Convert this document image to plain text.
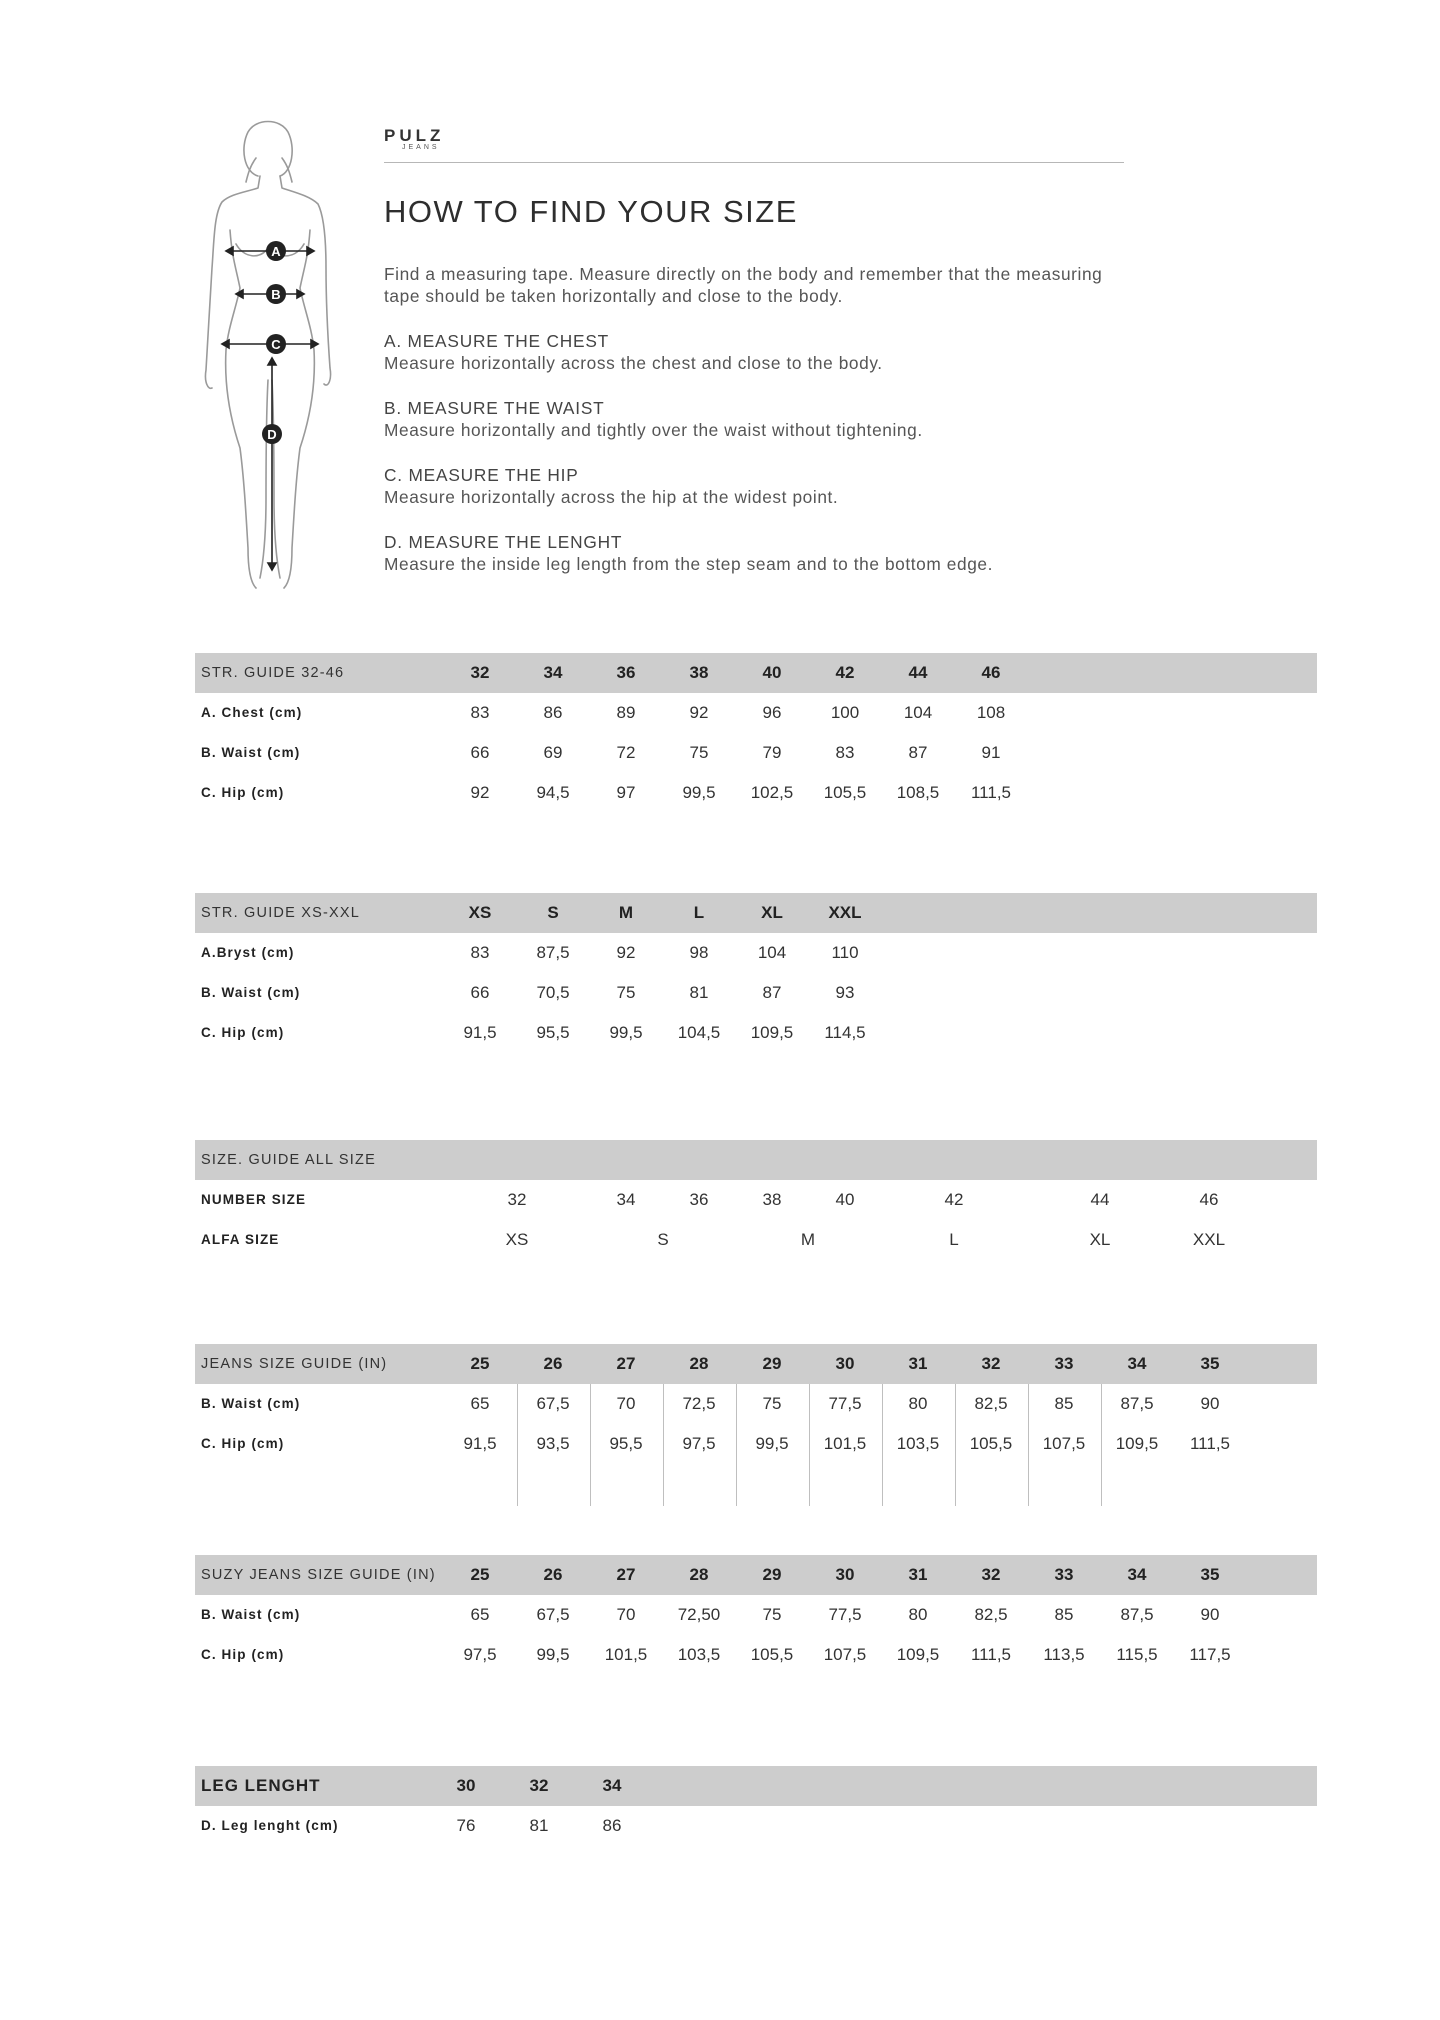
A
B
C
D
PULZ
JEANS
HOW TO FIND YOUR SIZE

Find a measuring tape. Measure directly on the body and remember that the measuring tape should be taken horizontally and close to the body.

A. MEASURE THE CHEST
Measure horizontally across the chest and close to the body.
B. MEASURE THE WAIST
Measure horizontally and tightly over the waist without tightening.
C. MEASURE THE HIP
Measure horizontally across the hip at the widest point.
D. MEASURE THE LENGHT
Measure the inside leg length from the step seam and to the bottom edge.
STR. GUIDE 32-46	32	34	36	38	40	42	44	46
A. Chest (cm)	83	86	89	92	96	100	104	108
B. Waist (cm)	66	69	72	75	79	83	87	91
C. Hip (cm)	92	94,5	97	99,5	102,5	105,5	108,5	111,5
STR. GUIDE XS-XXL	XS	S	M	L	XL	XXL
A.Bryst (cm)	83	87,5	92	98	104	110
B. Waist (cm)	66	70,5	75	81	87	93
C. Hip (cm)	91,5	95,5	99,5	104,5	109,5	114,5
SIZE. GUIDE ALL SIZE
NUMBER SIZE	32	34	36	38	40	42	44	46
ALFA SIZE	XS	S	M	L	XL	XXL
JEANS SIZE GUIDE (IN)	25	26	27	28	29	30	31	32	33	34	35
B. Waist (cm)	65	67,5	70	72,5	75	77,5	80	82,5	85	87,5	90
C. Hip (cm)	91,5	93,5	95,5	97,5	99,5	101,5	103,5	105,5	107,5	109,5	111,5
SUZY JEANS SIZE GUIDE (IN)	25	26	27	28	29	30	31	32	33	34	35
B. Waist (cm)	65	67,5	70	72,50	75	77,5	80	82,5	85	87,5	90
C. Hip (cm)	97,5	99,5	101,5	103,5	105,5	107,5	109,5	111,5	113,5	115,5	117,5
LEG LENGHT	30	32	34
D. Leg lenght (cm)	76	81	86
